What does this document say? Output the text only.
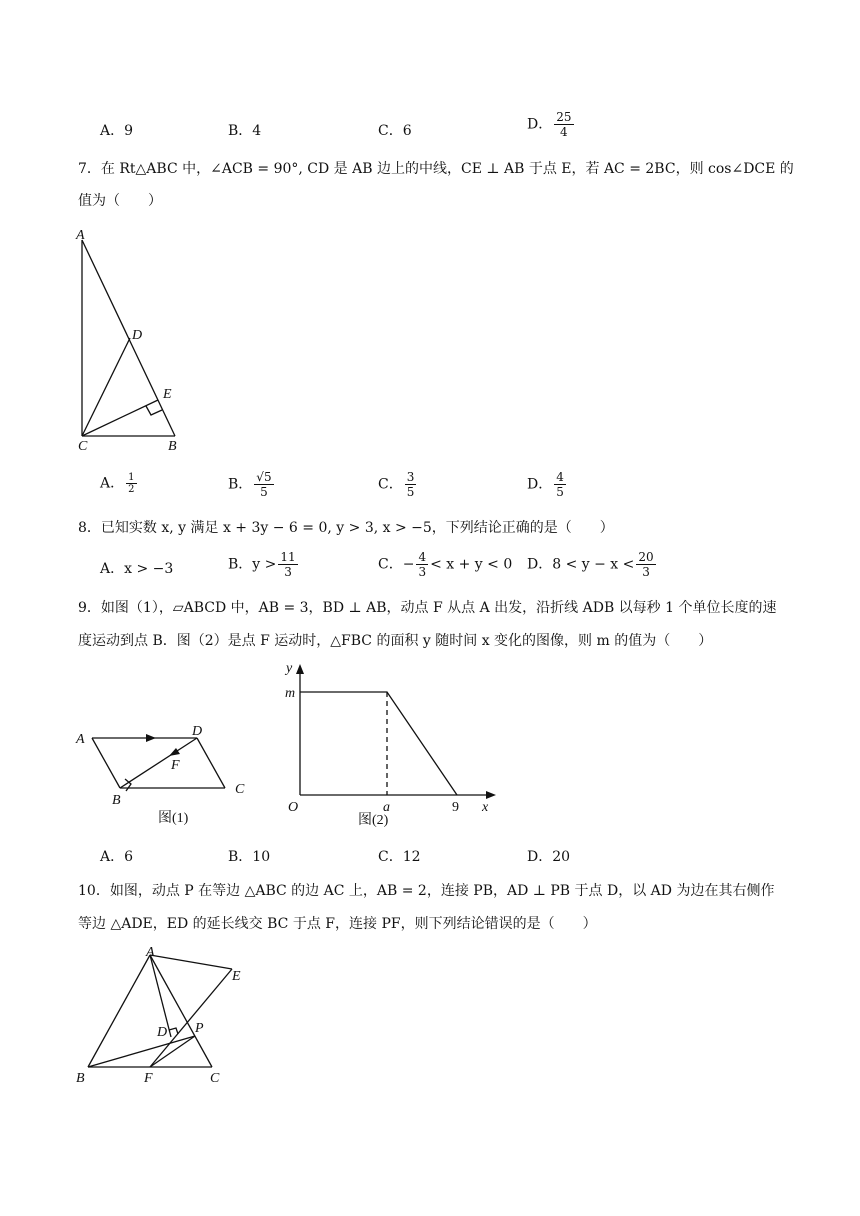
A．9	B．4	C．6	D． $\frac{25}{4}$
7．在 Rt△ABC 中，∠ACB = 90°, CD 是 AB 边上的中线，CE ⊥ AB 于点 E，若 AC = 2BC，则 cos∠DCE 的
值为（　　）
A
D
E
C	B
A． $\frac{1}{2}$	B． $\frac{√5}{5}$	C． $\frac{3}{5}$	D． $\frac{4}{5}$
8．已知实数 x, y 满足 x + 3y − 6 = 0, y > 3, x > −5，下列结论正确的是（　　）
A．x > −3	B．$y > \frac{11}{3}$	C．− $\frac{4}{3} < x + y < 0$ D．$8 < y - x < \frac{20}{3}$
9．如图（1），▱ABCD 中，AB = 3，BD ⊥ AB，动点 F 从点 A 出发，沿折线 ADB 以每秒 1 个单位长度的速
度运动到点 B．图（2）是点 F 运动时，△FBC 的面积 y 随时间 x 变化的图像，则 m 的值为（　　）
A
D
F
B
C
图(1)
y
m
O	a	9 x
图(2)
A．6	B．10	C．12	D．20
10．如图，动点 P 在等边 △ABC 的边 AC 上，AB = 2，连接 PB，AD ⊥ PB 于点 D，以 AD 为边在其右侧作
等边 △ADE，ED 的延长线交 BC 于点 F，连接 PF，则下列结论错误的是（　　）
A
E
D P
B	F	C
